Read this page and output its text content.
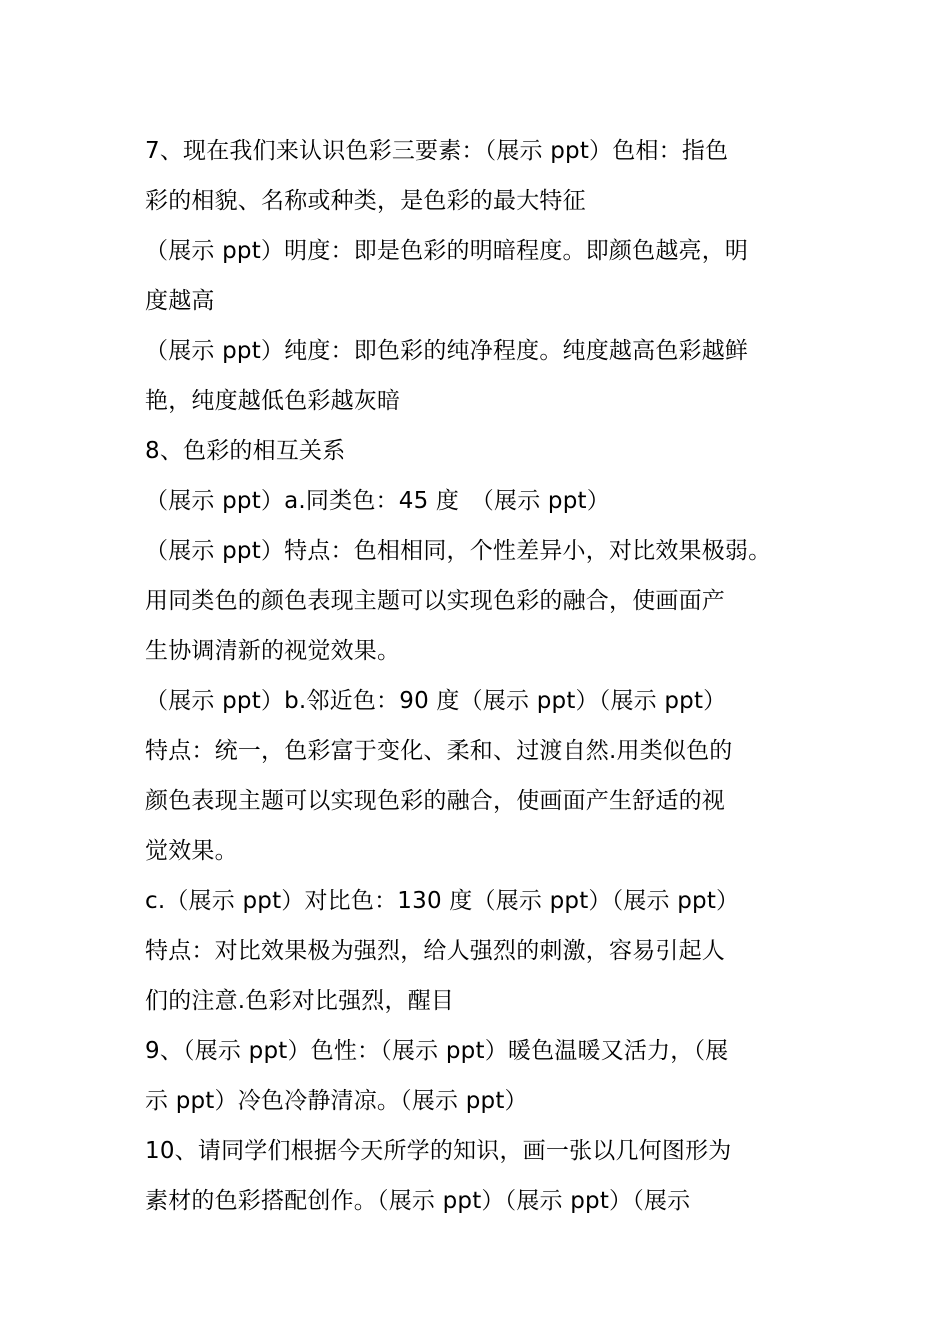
7、现在我们来认识色彩三要素：（展示 ppt）色相：指色
彩的相貌、名称或种类，是色彩的最大特征
（展示 ppt）明度：即是色彩的明暗程度。即颜色越亮，明
度越高
（展示 ppt）纯度：即色彩的纯净程度。纯度越高色彩越鲜
艳，纯度越低色彩越灰暗
8、色彩的相互关系
（展示 ppt）a.同类色：45 度　（展示 ppt）
（展示 ppt）特点：色相相同，个性差异小，对比效果极弱。
用同类色的颜色表现主题可以实现色彩的融合，使画面产
生协调清新的视觉效果。
（展示 ppt）b.邻近色：90 度（展示 ppt）（展示 ppt）
特点：统一，色彩富于变化、柔和、过渡自然.用类似色的
颜色表现主题可以实现色彩的融合，使画面产生舒适的视
觉效果。
c.（展示 ppt）对比色：130 度（展示 ppt）（展示 ppt）
特点：对比效果极为强烈，给人强烈的刺激，容易引起人
们的注意.色彩对比强烈，醒目
9、（展示 ppt）色性：（展示 ppt）暖色温暖又活力，（展
示 ppt）冷色冷静清凉。（展示 ppt）
10、请同学们根据今天所学的知识，画一张以几何图形为
素材的色彩搭配创作。（展示 ppt）（展示 ppt）（展示
